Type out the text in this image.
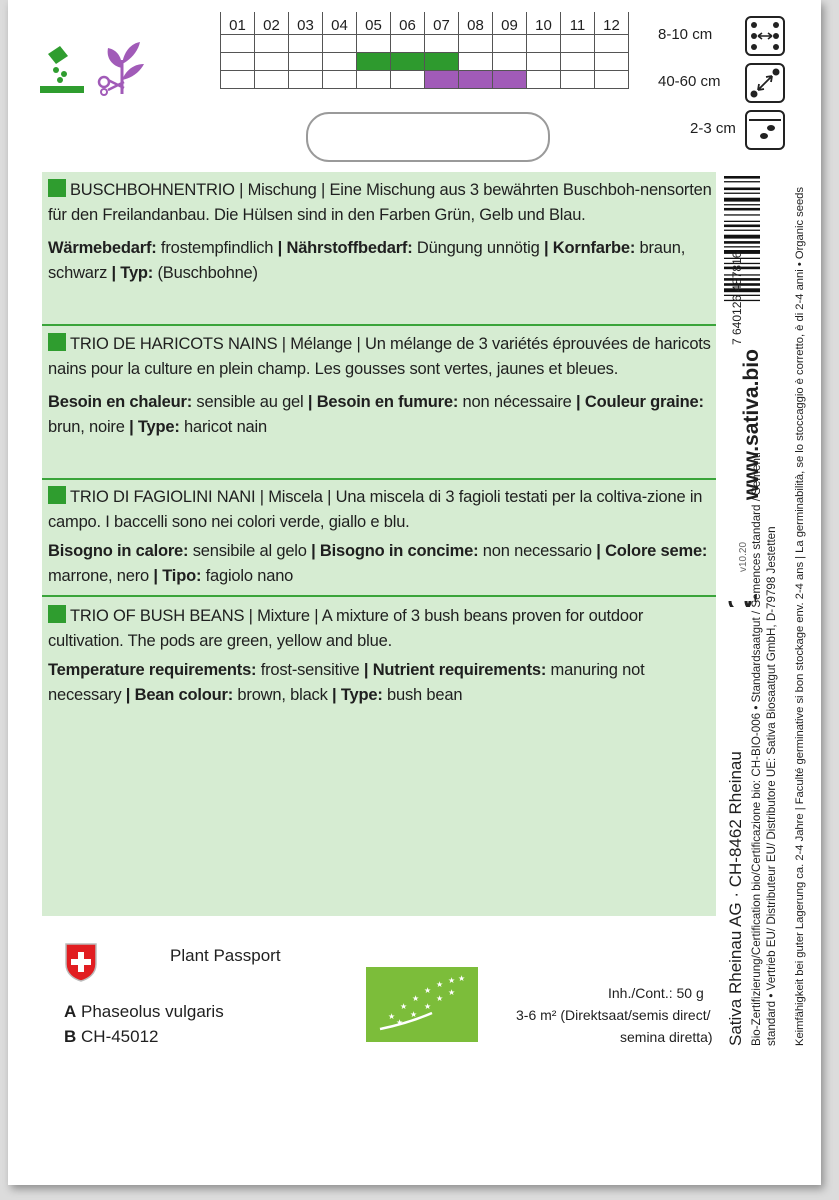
01	02	03	04	05	06	07	08	09	10	11	12

8-10 cm
40-60 cm
2-3 cm
BUSCHBOHNENTRIO | Mischung | Eine Mischung aus 3 bewährten Buschboh-nensorten für den Freilandanbau. Die Hülsen sind in den Farben Grün, Gelb und Blau.
Wärmebedarf: frostempfindlich | Nährstoffbedarf: Düngung unnötig | Kornfarbe: braun, schwarz | Typ: (Buschbohne)
TRIO DE HARICOTS NAINS | Mélange | Un mélange de 3 variétés éprouvées de haricots nains pour la culture en plein champ. Les gousses sont vertes, jaunes et bleues.
Besoin en chaleur: sensible au gel | Besoin en fumure: non nécessaire | Couleur graine: brun, noire | Type: haricot nain
TRIO DI FAGIOLINI NANI | Miscela | Una miscela di 3 fagioli testati per la coltiva-zione in campo. I baccelli sono nei colori verde, giallo e blu.
Bisogno in calore: sensibile al gelo | Bisogno in concime: non necessario | Colore seme: marrone, nero | Tipo: fagiolo nano
TRIO OF BUSH BEANS | Mixture | A mixture of 3 bush beans proven for outdoor cultivation. The pods are green, yellow and blue.
Temperature requirements: frost-sensitive | Nutrient requirements: manuring not necessary | Bean colour: brown, black | Type: bush bean
7 640126 487816
www.sativa.bio
v10.20
Sativa Rheinau AG · CH-8462 Rheinau Bio-Zertifizierung/Certification bio/Certificazione bio: CH-BIO-006 • Standardsaatgut / Semences standard / Sementi standard • Vertrieb EU/ Distributeur EU/ Distributore UE: Sativa Biosaatgut GmbH, D-79798 Jestetten Keimfähigkeit bei guter Lagerung ca. 2-4 Jahre | Faculté germinative si bon stockage env. 2-4 ans | La germinabilità, se lo stoccaggio è corretto, è di 2-4 anni • Organic seeds
Plant Passport
A Phaseolus vulgaris
B CH-45012
★
★
★
★
★ ★ ★
★
★
★
★
★	Inh./Cont.: 50 g
3-6 m² (Direktsaat/semis direct/
semina diretta)
